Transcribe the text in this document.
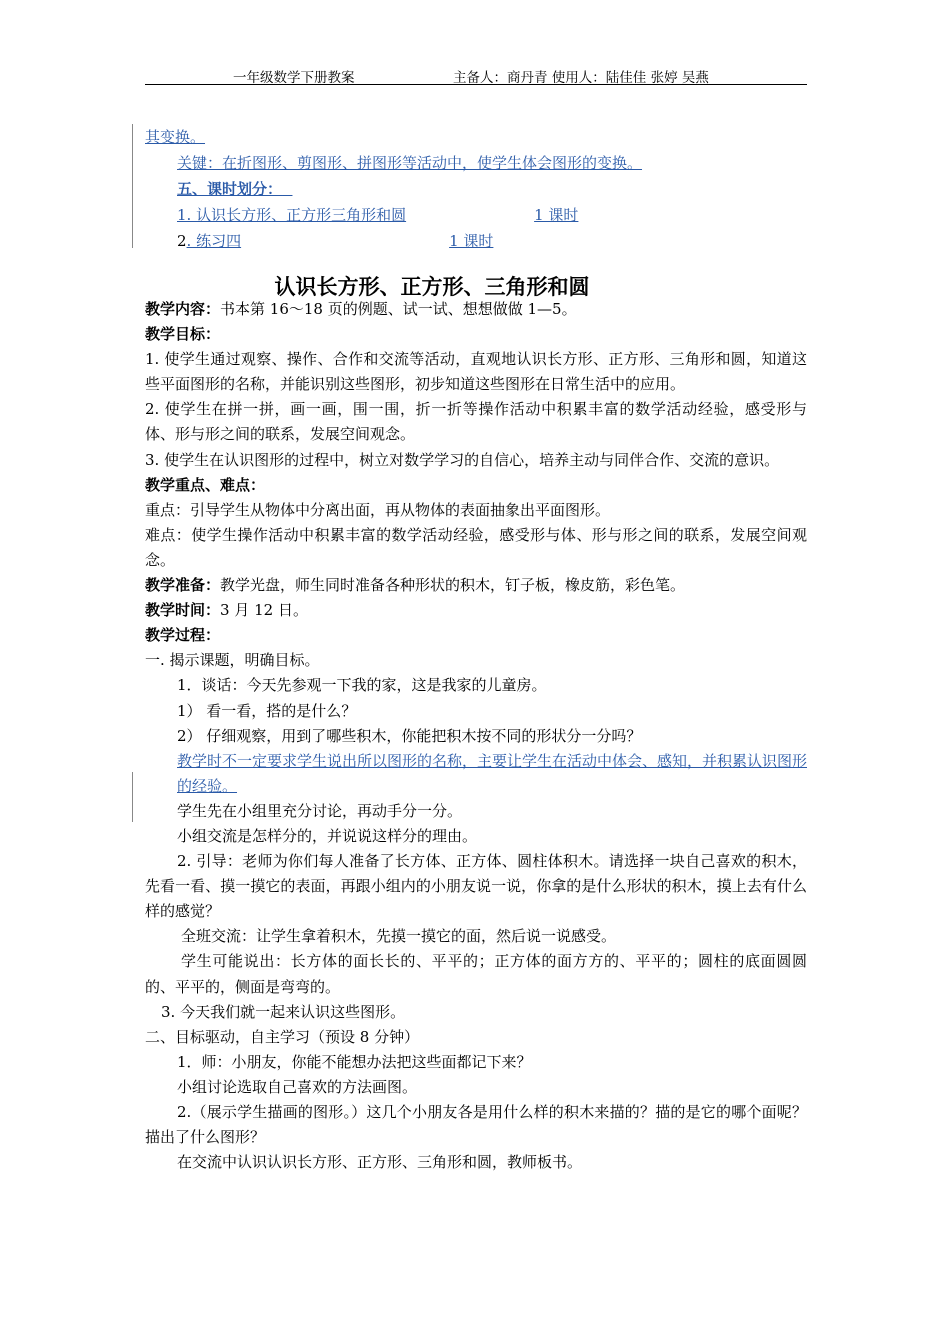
一年级数学下册教案	主备人：商丹青 使用人：陆佳佳 张婷 吴燕
其变换。
关键：在折图形、剪图形、拼图形等活动中，使学生体会图形的变换。
五、课时划分：
1. 认识长方形、正方形三角形和圆	1 课时
2. 练习四	1 课时
认识长方形、正方形、三角形和圆

教学内容：书本第 16～18 页的例题、试一试、想想做做 1—5。

教学目标：

1. 使学生通过观察、操作、合作和交流等活动，直观地认识长方形、正方形、三角形和圆，知道这些平面图形的名称，并能识别这些图形，初步知道这些图形在日常生活中的应用。

2. 使学生在拼一拼，画一画，围一围，折一折等操作活动中积累丰富的数学活动经验，感受形与体、形与形之间的联系，发展空间观念。

3. 使学生在认识图形的过程中，树立对数学学习的自信心，培养主动与同伴合作、交流的意识。

教学重点、难点：

重点：引导学生从物体中分离出面，再从物体的表面抽象出平面图形。

难点：使学生操作活动中积累丰富的数学活动经验，感受形与体、形与形之间的联系，发展空间观念。

教学准备：教学光盘，师生同时准备各种形状的积木，钉子板，橡皮筋，彩色笔。

教学时间：3 月 12 日。

教学过程：

一. 揭示课题，明确目标。

1．谈话：今天先参观一下我的家，这是我家的儿童房。

1） 看一看，搭的是什么？

2） 仔细观察，用到了哪些积木，你能把积木按不同的形状分一分吗？

教学时不一定要求学生说出所以图形的名称，主要让学生在活动中体会、感知，并积累认识图形的经验。

学生先在小组里充分讨论，再动手分一分。

小组交流是怎样分的，并说说这样分的理由。

2. 引导：老师为你们每人准备了长方体、正方体、圆柱体积木。请选择一块自己喜欢的积木，先看一看、摸一摸它的表面，再跟小组内的小朋友说一说，你拿的是什么形状的积木，摸上去有什么样的感觉？

全班交流：让学生拿着积木，先摸一摸它的面，然后说一说感受。

学生可能说出：长方体的面长长的、平平的；正方体的面方方的、平平的；圆柱的底面圆圆的、平平的，侧面是弯弯的。

3. 今天我们就一起来认识这些图形。

二、目标驱动，自主学习（预设 8 分钟）

1．师：小朋友，你能不能想办法把这些面都记下来？

小组讨论选取自己喜欢的方法画图。

2.（展示学生描画的图形。）这几个小朋友各是用什么样的积木来描的？描的是它的哪个面呢？描出了什么图形？

在交流中认识认识长方形、正方形、三角形和圆，教师板书。
